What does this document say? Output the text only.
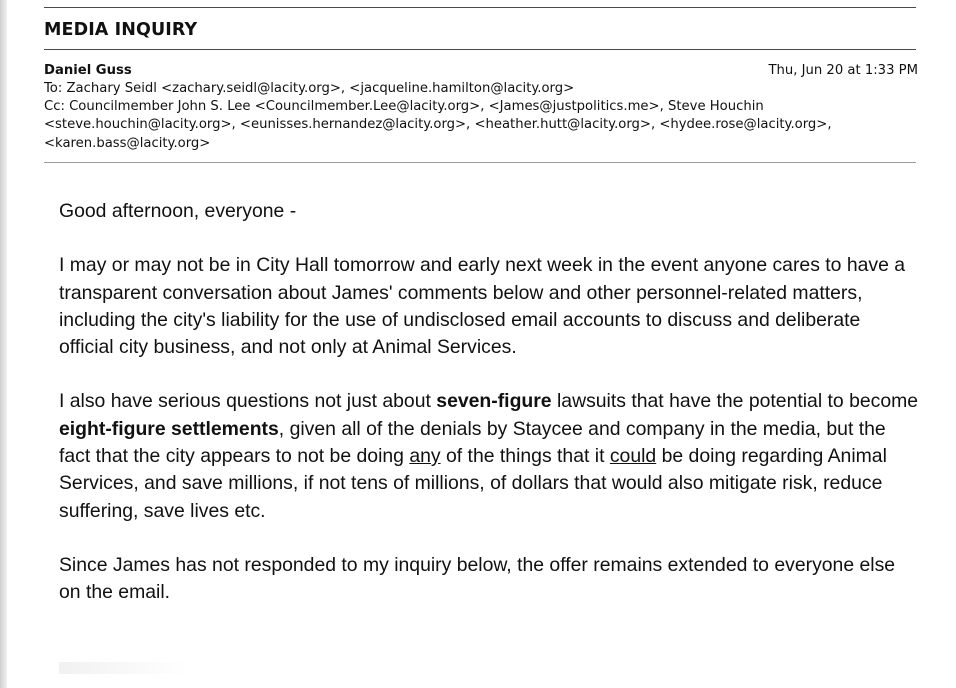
MEDIA INQUIRY
Daniel Guss	Thu, Jun 20 at 1:33 PM
To: Zachary Seidl <zachary.seidl@lacity.org>, <jacqueline.hamilton@lacity.org>
Cc: Councilmember John S. Lee <Councilmember.Lee@lacity.org>, <James@justpolitics.me>, Steve Houchin
<steve.houchin@lacity.org>, <eunisses.hernandez@lacity.org>, <heather.hutt@lacity.org>, <hydee.rose@lacity.org>,
<karen.bass@lacity.org>

Good afternoon, everyone -

I may or may not be in City Hall tomorrow and early next week in the event anyone cares to have a transparent conversation about James' comments below and other personnel-related matters, including the city's liability for the use of undisclosed email accounts to discuss and deliberate official city business, and not only at Animal Services.

I also have serious questions not just about seven-figure lawsuits that have the potential to become eight-figure settlements, given all of the denials by Staycee and company in the media, but the fact that the city appears to not be doing any of the things that it could be doing regarding Animal Services, and save millions, if not tens of millions, of dollars that would also mitigate risk, reduce suffering, save lives etc.

Since James has not responded to my inquiry below, the offer remains extended to everyone else on the email.
